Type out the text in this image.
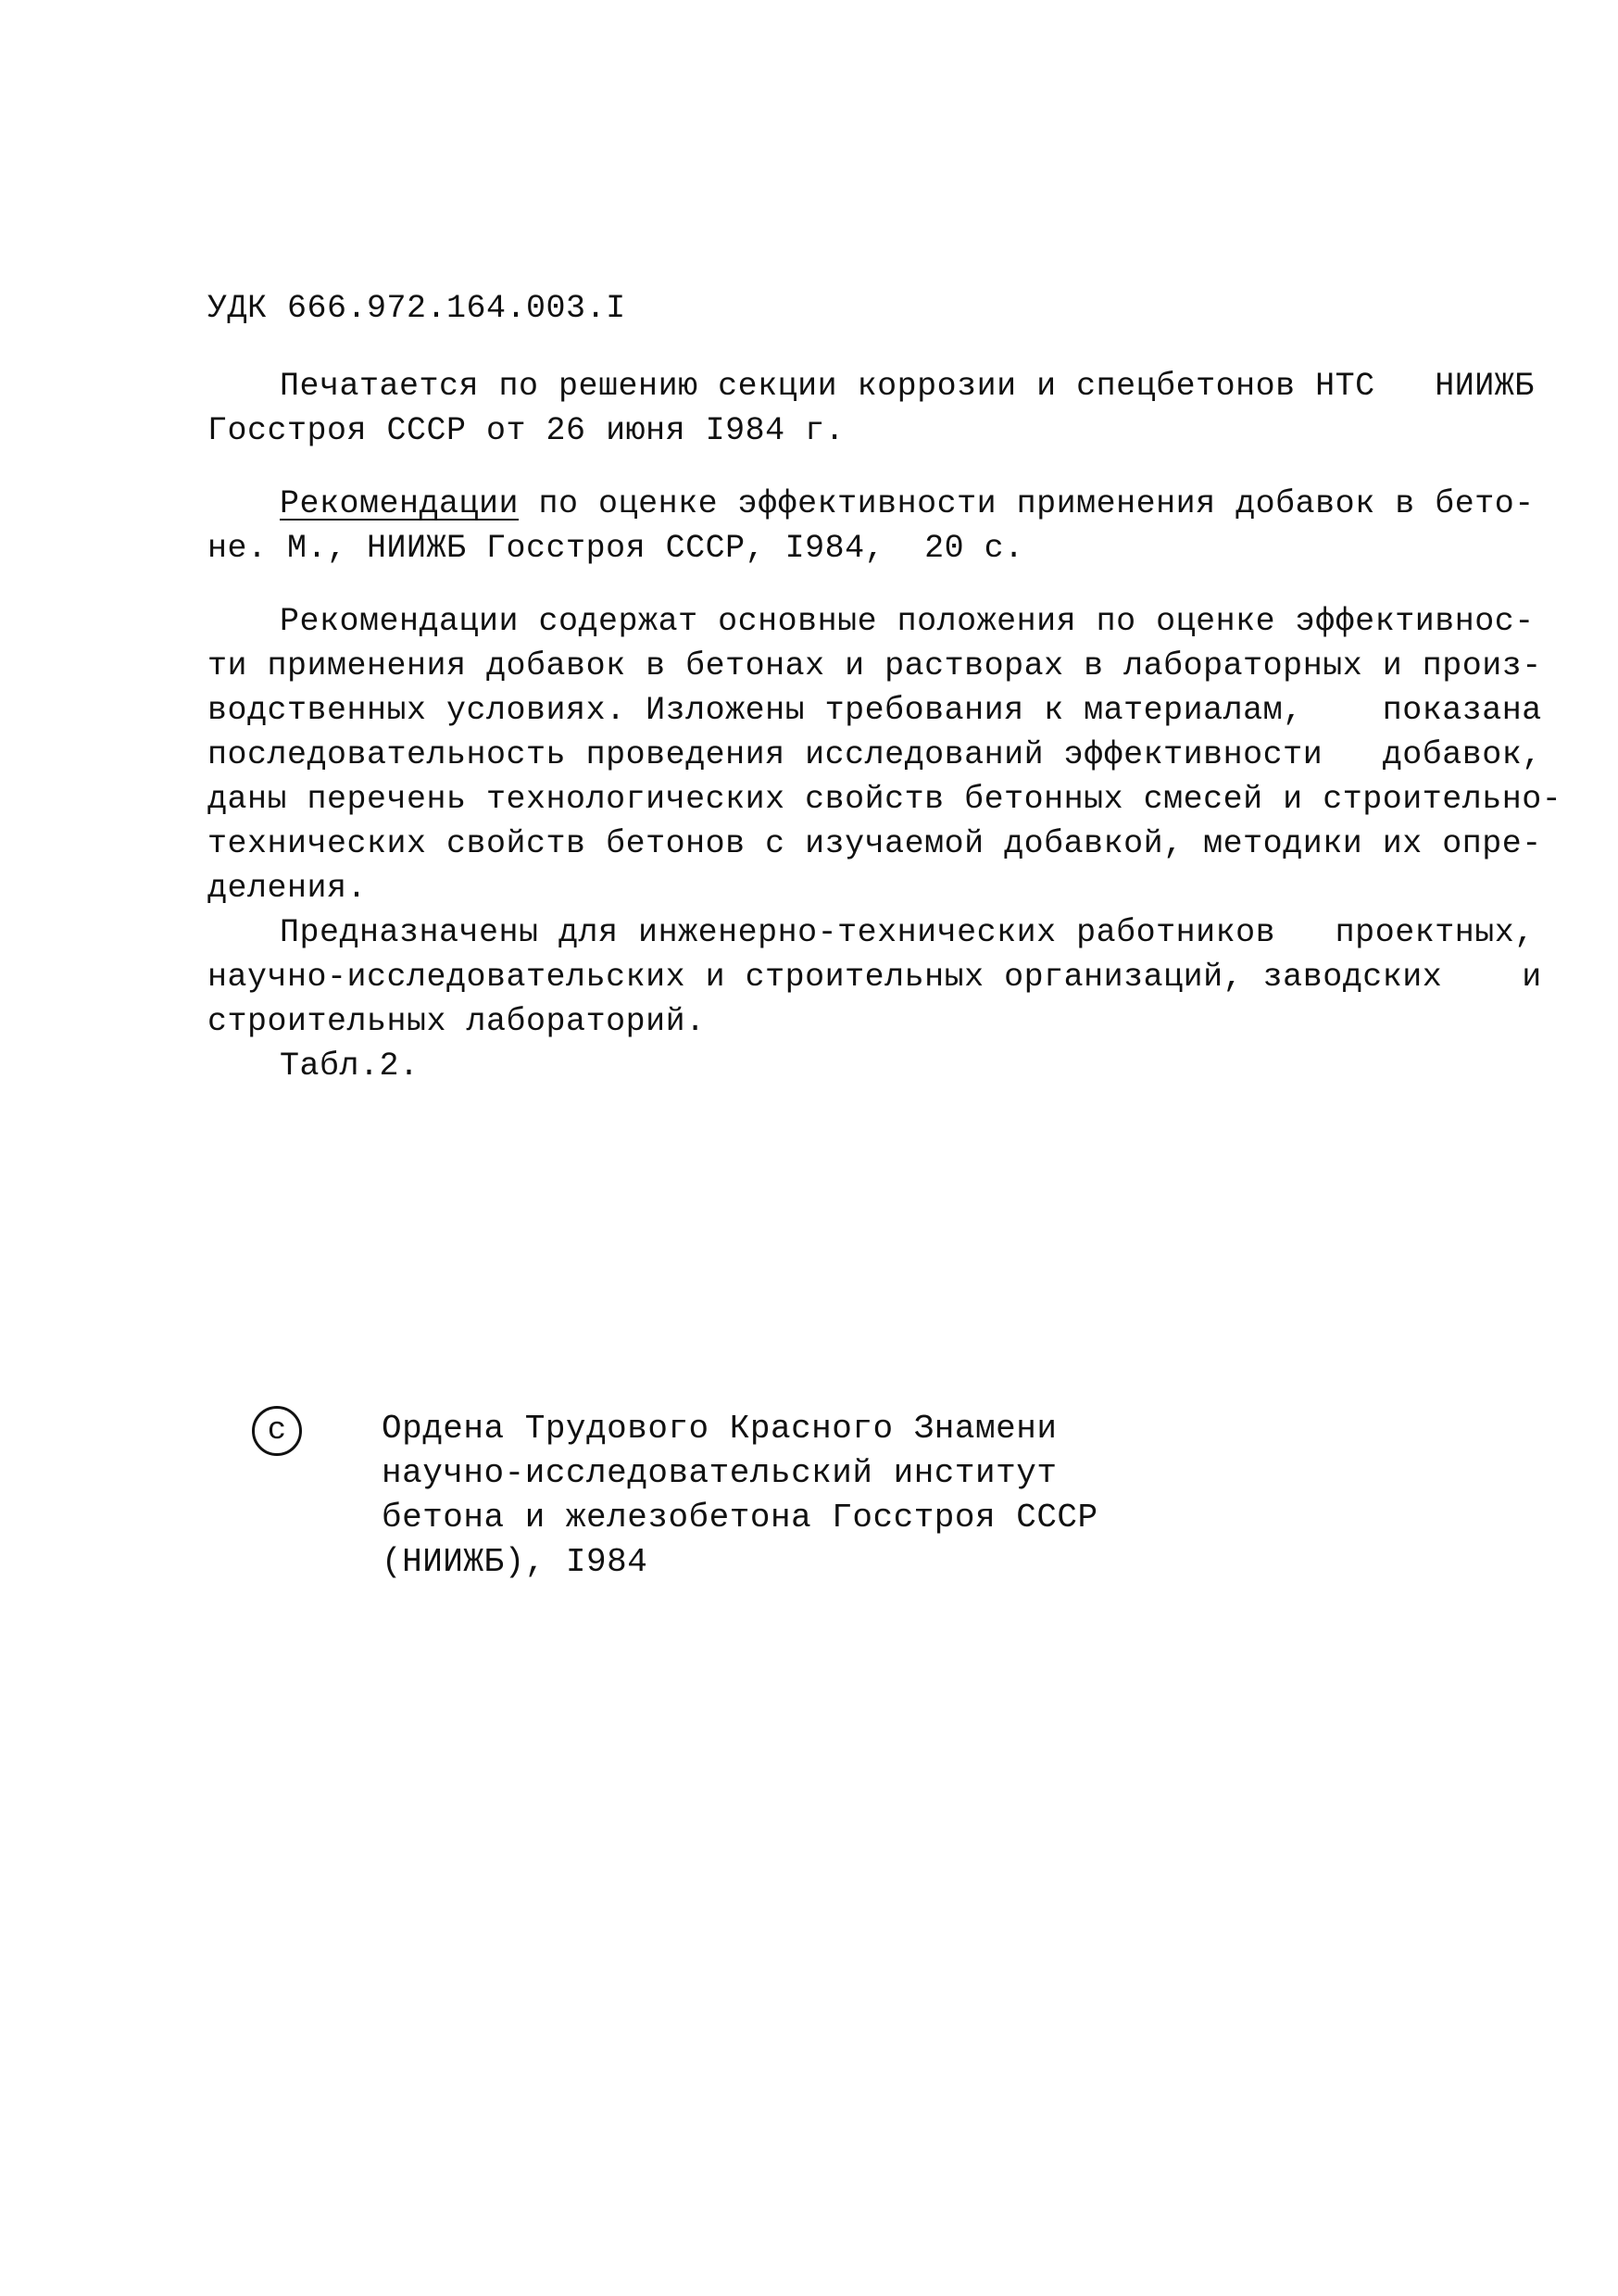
УДК 666.972.164.003.I
Печатается по решению секции коррозии и спецбетонов НТС   НИИЖБ
Госстроя СССР от 26 июня I984 г.
Рекомендации по оценке эффективности применения добавок в бето-
не. М., НИИЖБ Госстроя СССР, I984,  20 с.
Рекомендации содержат основные положения по оценке эффективнос-
ти применения добавок в бетонах и растворах в лабораторных и произ-
водственных условиях. Изложены требования к материалам,    показана
последовательность проведения исследований эффективности   добавок,
даны перечень технологических свойств бетонных смесей и строительно-
технических свойств бетонов с изучаемой добавкой, методики их опре-
деления.
Предназначены для инженерно-технических работников   проектных,
научно-исследовательских и строительных организаций, заводских    и
строительных лабораторий.
Табл.2.
c	Ордена Трудового Красного Знамени
научно-исследовательский институт
бетона и железобетона Госстроя СССР
(НИИЖБ), I984
